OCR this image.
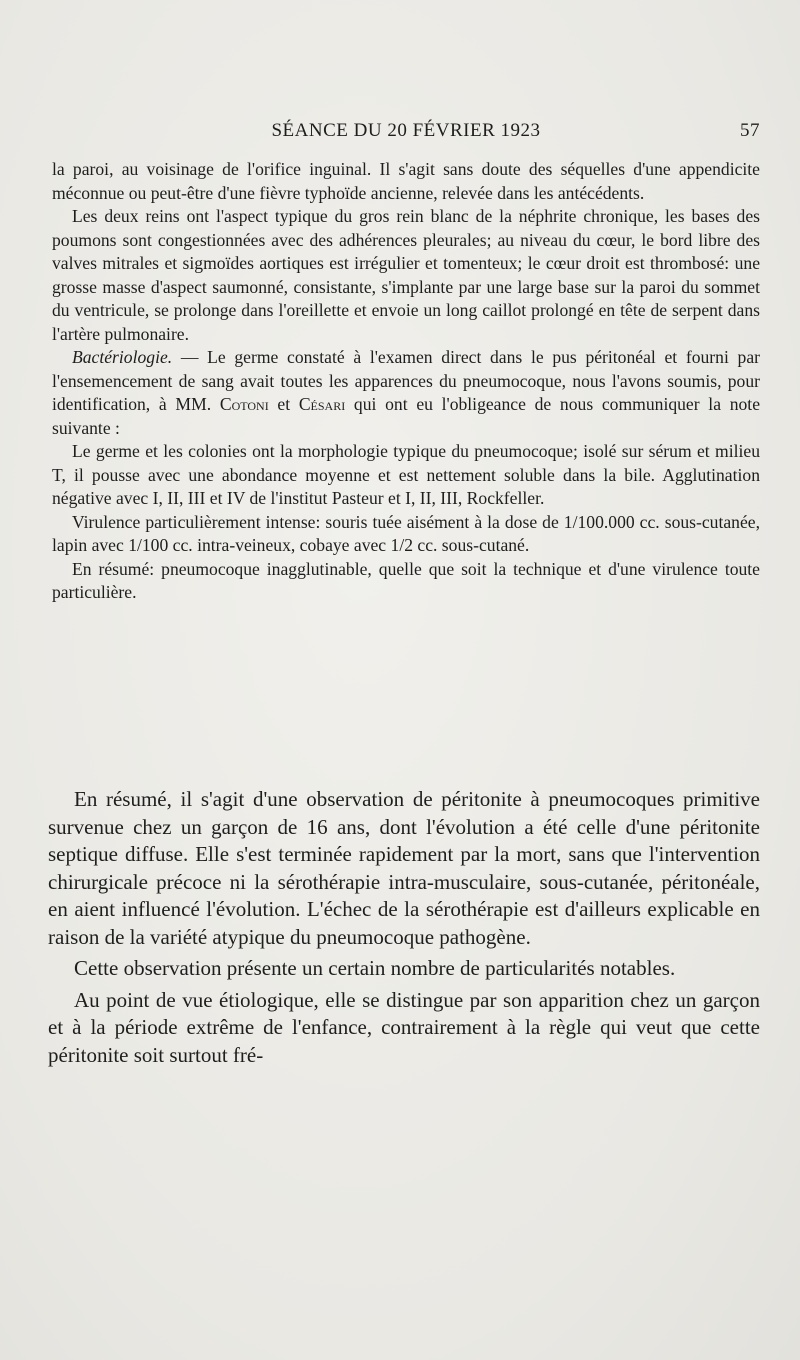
SÉANCE DU 20 FÉVRIER 1923	57

la paroi, au voisinage de l'orifice inguinal. Il s'agit sans doute des séquelles d'une appendicite méconnue ou peut-être d'une fièvre typhoïde ancienne, relevée dans les antécédents.

Les deux reins ont l'aspect typique du gros rein blanc de la néphrite chronique, les bases des poumons sont congestionnées avec des adhérences pleurales; au niveau du cœur, le bord libre des valves mitrales et sigmoïdes aortiques est irrégulier et tomenteux; le cœur droit est thrombosé: une grosse masse d'aspect saumonné, consistante, s'implante par une large base sur la paroi du sommet du ventricule, se prolonge dans l'oreillette et envoie un long caillot prolongé en tête de serpent dans l'artère pulmonaire.

Bactériologie. — Le germe constaté à l'examen direct dans le pus péritonéal et fourni par l'ensemencement de sang avait toutes les apparences du pneumocoque, nous l'avons soumis, pour identification, à MM. Cotoni et Césari qui ont eu l'obligeance de nous communiquer la note suivante :

Le germe et les colonies ont la morphologie typique du pneumocoque; isolé sur sérum et milieu T, il pousse avec une abondance moyenne et est nettement soluble dans la bile. Agglutination négative avec I, II, III et IV de l'institut Pasteur et I, II, III, Rockfeller.

Virulence particulièrement intense: souris tuée aisément à la dose de 1/100.000 cc. sous-cutanée, lapin avec 1/100 cc. intra-veineux, cobaye avec 1/2 cc. sous-cutané.

En résumé: pneumocoque inagglutinable, quelle que soit la technique et d'une virulence toute particulière.

En résumé, il s'agit d'une observation de péritonite à pneumocoques primitive survenue chez un garçon de 16 ans, dont l'évolution a été celle d'une péritonite septique diffuse. Elle s'est terminée rapidement par la mort, sans que l'intervention chirurgicale précoce ni la sérothérapie intra-musculaire, sous-cutanée, péritonéale, en aient influencé l'évolution. L'échec de la sérothérapie est d'ailleurs explicable en raison de la variété atypique du pneumocoque pathogène.

Cette observation présente un certain nombre de particularités notables.

Au point de vue étiologique, elle se distingue par son apparition chez un garçon et à la période extrême de l'enfance, contrairement à la règle qui veut que cette péritonite soit surtout fré-
